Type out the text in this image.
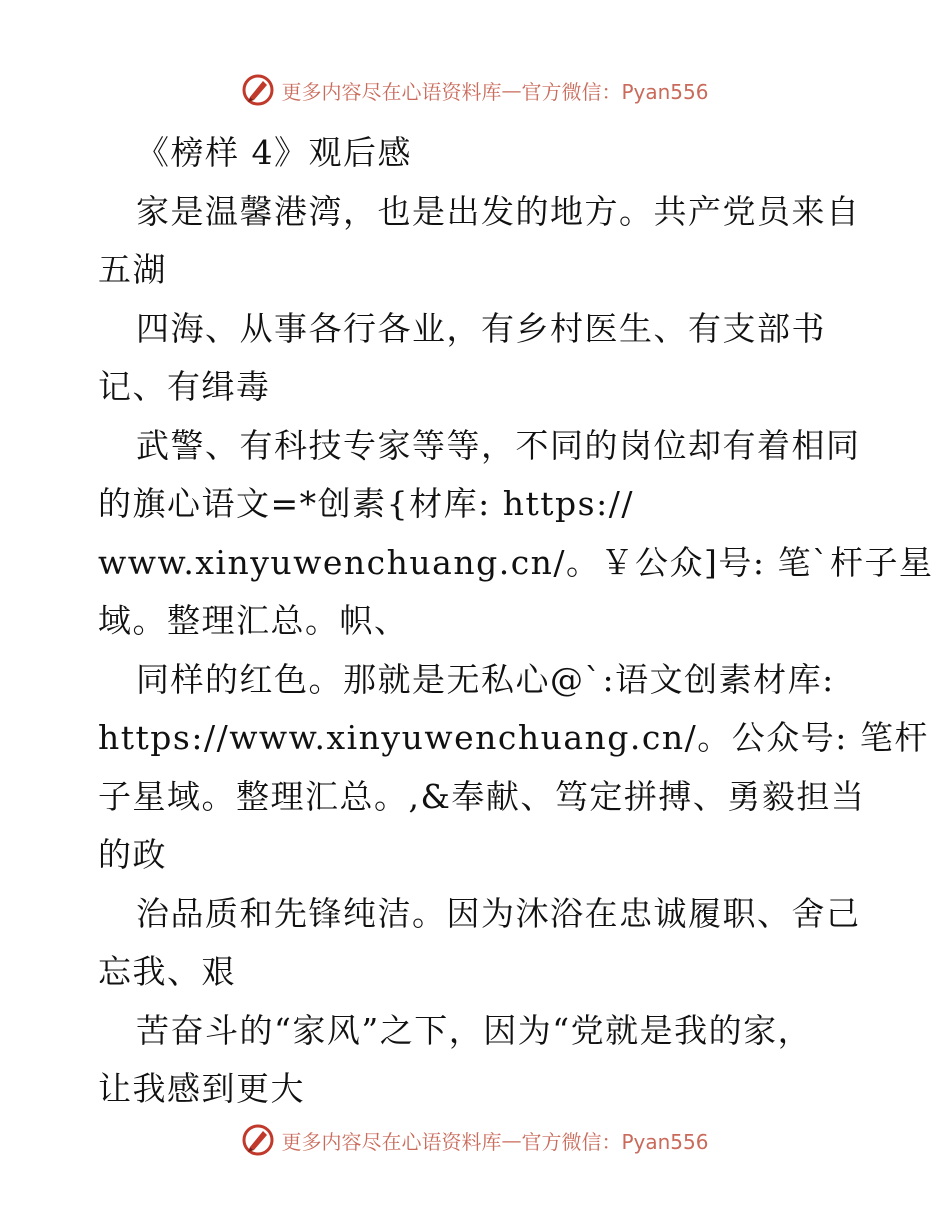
更多内容尽在心语资料库 — 官方微信：Pyan556
《榜样 4》观后感
家是温馨港湾，也是出发的地方。共产党员来自
五湖
四海、从事各行各业，有乡村医生、有支部书
记、有缉毒
武警、有科技专家等等，不同的岗位却有着相同
的旗心语文=*创素{材库: https://
www.xinyuwenchuang.cn/。￥公众]号: 笔`杆子星
域。整理汇总。帜、
同样的红色。那就是无私心@`:语文创素材库:
https://www.xinyuwenchuang.cn/。公众号: 笔杆
子星域。整理汇总。,&奉献、笃定拼搏、勇毅担当
的政
治品质和先锋纯洁。因为沐浴在忠诚履职、舍己
忘我、艰
苦奋斗的“家风”之下，因为“党就是我的家，
让我感到更大
更多内容尽在心语资料库 — 官方微信：Pyan556
